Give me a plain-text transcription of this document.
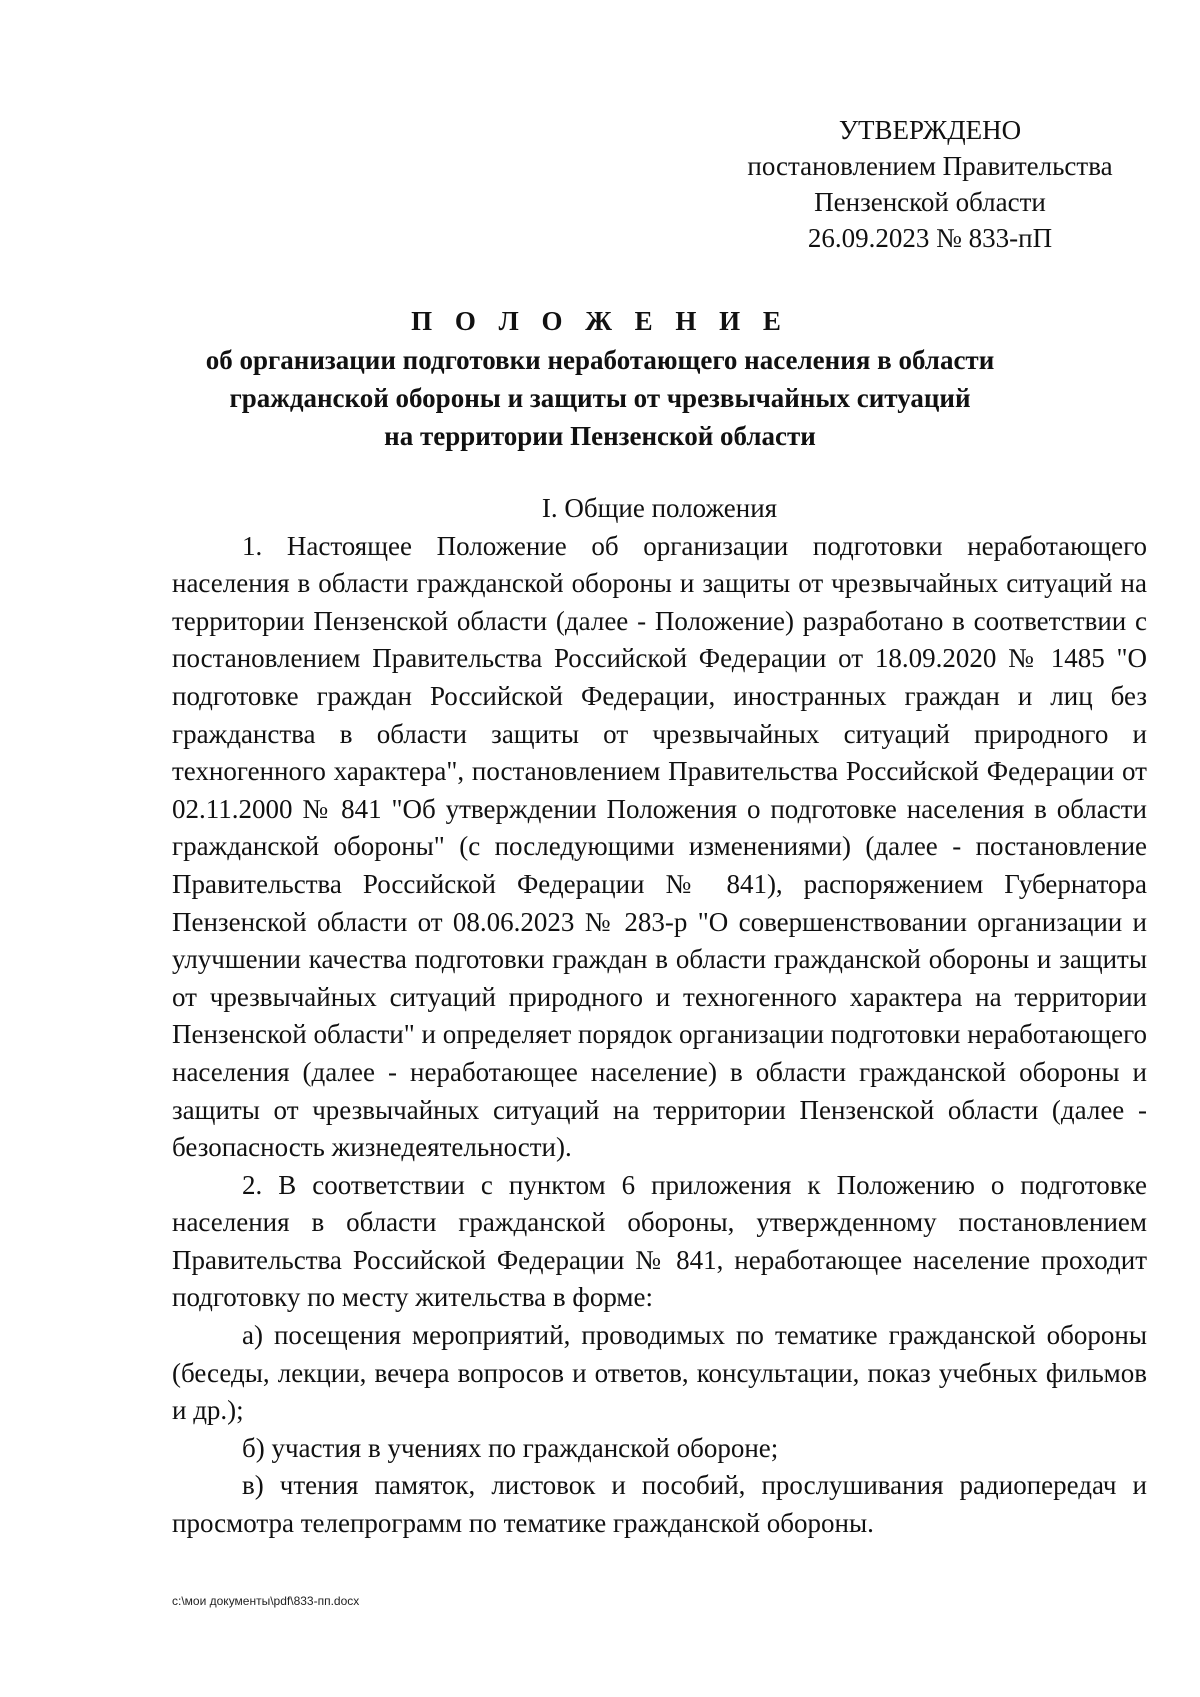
УТВЕРЖДЕНО
постановлением Правительства
Пензенской области
26.09.2023 № 833-пП
П О Л О Ж Е Н И Е
об организации подготовки неработающего населения в области
гражданской обороны и защиты от чрезвычайных ситуаций
на территории Пензенской области
I. Общие положения

1. Настоящее Положение об организации подготовки неработающего населения в области гражданской обороны и защиты от чрезвычайных ситуаций на территории Пензенской области (далее - Положение) разработано в соответствии с постановлением Правительства Российской Федерации от 18.09.2020 № 1485 "О подготовке граждан Российской Федерации, иностранных граждан и лиц без гражданства в области защиты от чрезвычайных ситуаций природного и техногенного характера", постановлением Правительства Российской Федерации от 02.11.2000 № 841 "Об утверждении Положения о подготовке населения в области гражданской обороны" (с последующими изменениями) (далее - постановление Правительства Российской Федерации № 841), распоряжением Губернатора Пензенской области от 08.06.2023 № 283-р "О совершенствовании организации и улучшении качества подготовки граждан в области гражданской обороны и защиты от чрезвычайных ситуаций природного и техногенного характера на территории Пензенской области" и определяет порядок организации подготовки неработающего населения (далее - неработающее население) в области гражданской обороны и защиты от чрезвычайных ситуаций на территории Пензенской области (далее - безопасность жизнедеятельности).

2. В соответствии с пунктом 6 приложения к Положению о подготовке населения в области гражданской обороны, утвержденному постановлением Правительства Российской Федерации № 841, неработающее население проходит подготовку по месту жительства в форме:

а) посещения мероприятий, проводимых по тематике гражданской обороны (беседы, лекции, вечера вопросов и ответов, консультации, показ учебных фильмов и др.);

б) участия в учениях по гражданской обороне;

в) чтения памяток, листовок и пособий, прослушивания радиопередач и просмотра телепрограмм по тематике гражданской обороны.

c:\мои документы\pdf\833-пп.docx
